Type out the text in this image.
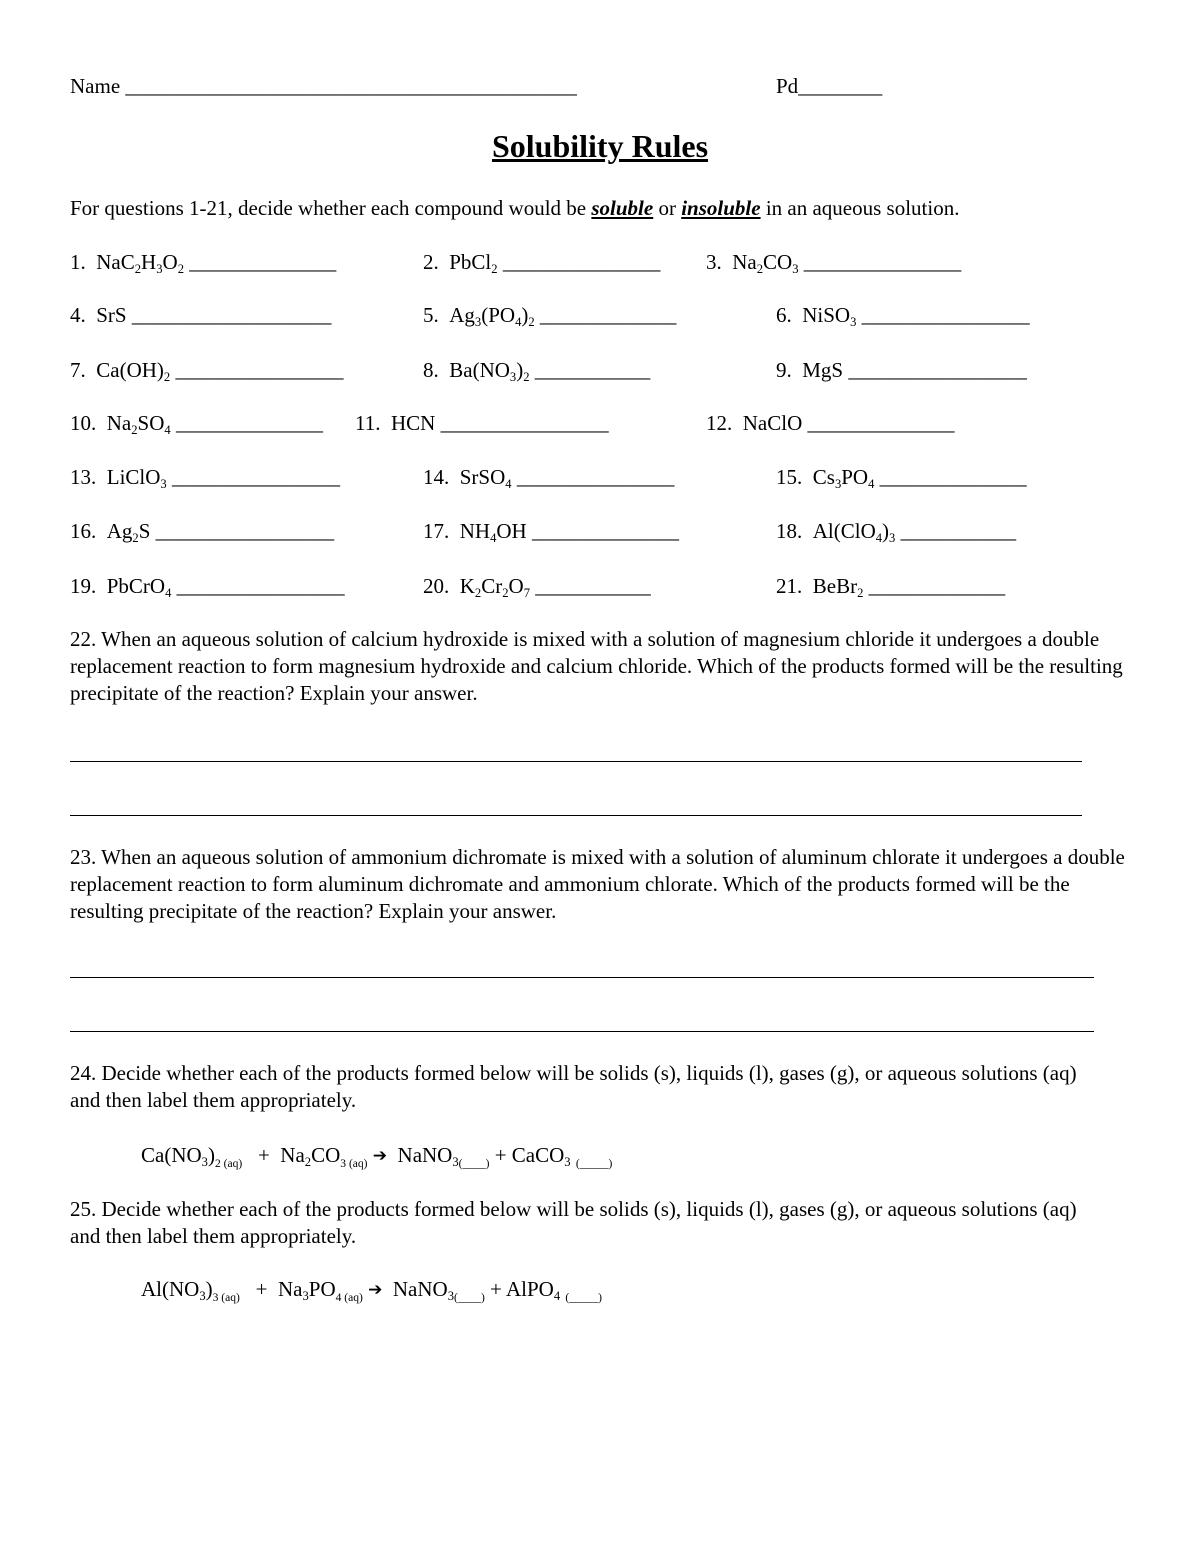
Name ___________________________________________	Pd________
Solubility Rules
For questions 1-21, decide whether each compound would be soluble or insoluble in an aqueous solution.
1. $NaC_2H_3O_2$ ______________	2. PbCl$_2$ _______________ 3. $Na_2CO_3$ _______________
4. SrS ___________________	5. $Ag_3(PO_4)_2$ _____________	6. NiSO$_3$ ________________
7. $Ca(OH)_2$ ________________	8. $Ba(NO_3)_2$ ___________	9. MgS _________________
10. $Na_2SO_4$ ______________ 11. HCN ________________	12. NaClO ______________
13. LiClO$_3$ ________________	14. SrSO$_4$ _______________	15. $Cs_3PO_4$ ______________
16. $Ag_2S$ _________________	17. $NH_4OH$ ______________	18. $Al(ClO_4)_3$ ___________
19. PbCrO$_4$ ________________	20. $K_2Cr_2O_7$ ___________	21. BeBr$_2$ _____________
22. When an aqueous solution of calcium hydroxide is mixed with a solution of magnesium chloride it undergoes a double replacement reaction to form magnesium hydroxide and calcium chloride. Which of the products formed will be the resulting precipitate of the reaction? Explain your answer.
23. When an aqueous solution of ammonium dichromate is mixed with a solution of aluminum chlorate it undergoes a double replacement reaction to form aluminum dichromate and ammonium chlorate. Which of the products formed will be the resulting precipitate of the reaction? Explain your answer.
24. Decide whether each of the products formed below will be solids (s), liquids (l), gases (g), or aqueous solutions (aq) and then label them appropriately.
$Ca(NO_3)_{2 (aq)} + Na_2CO_{3 (aq)}$ ➔ NaNO$_{3(\_\_\_\_)}$ + CaCO$_3$ $_{(\_\_\_\_\_)}$
25. Decide whether each of the products formed below will be solids (s), liquids (l), gases (g), or aqueous solutions (aq) and then label them appropriately.
$Al(NO_3)_{3 (aq)} + Na_3PO_{4 (aq)}$ ➔ NaNO$_{3(\_\_\_\_)}$ + AlPO$_4$ $_{(\_\_\_\_\_)}$
